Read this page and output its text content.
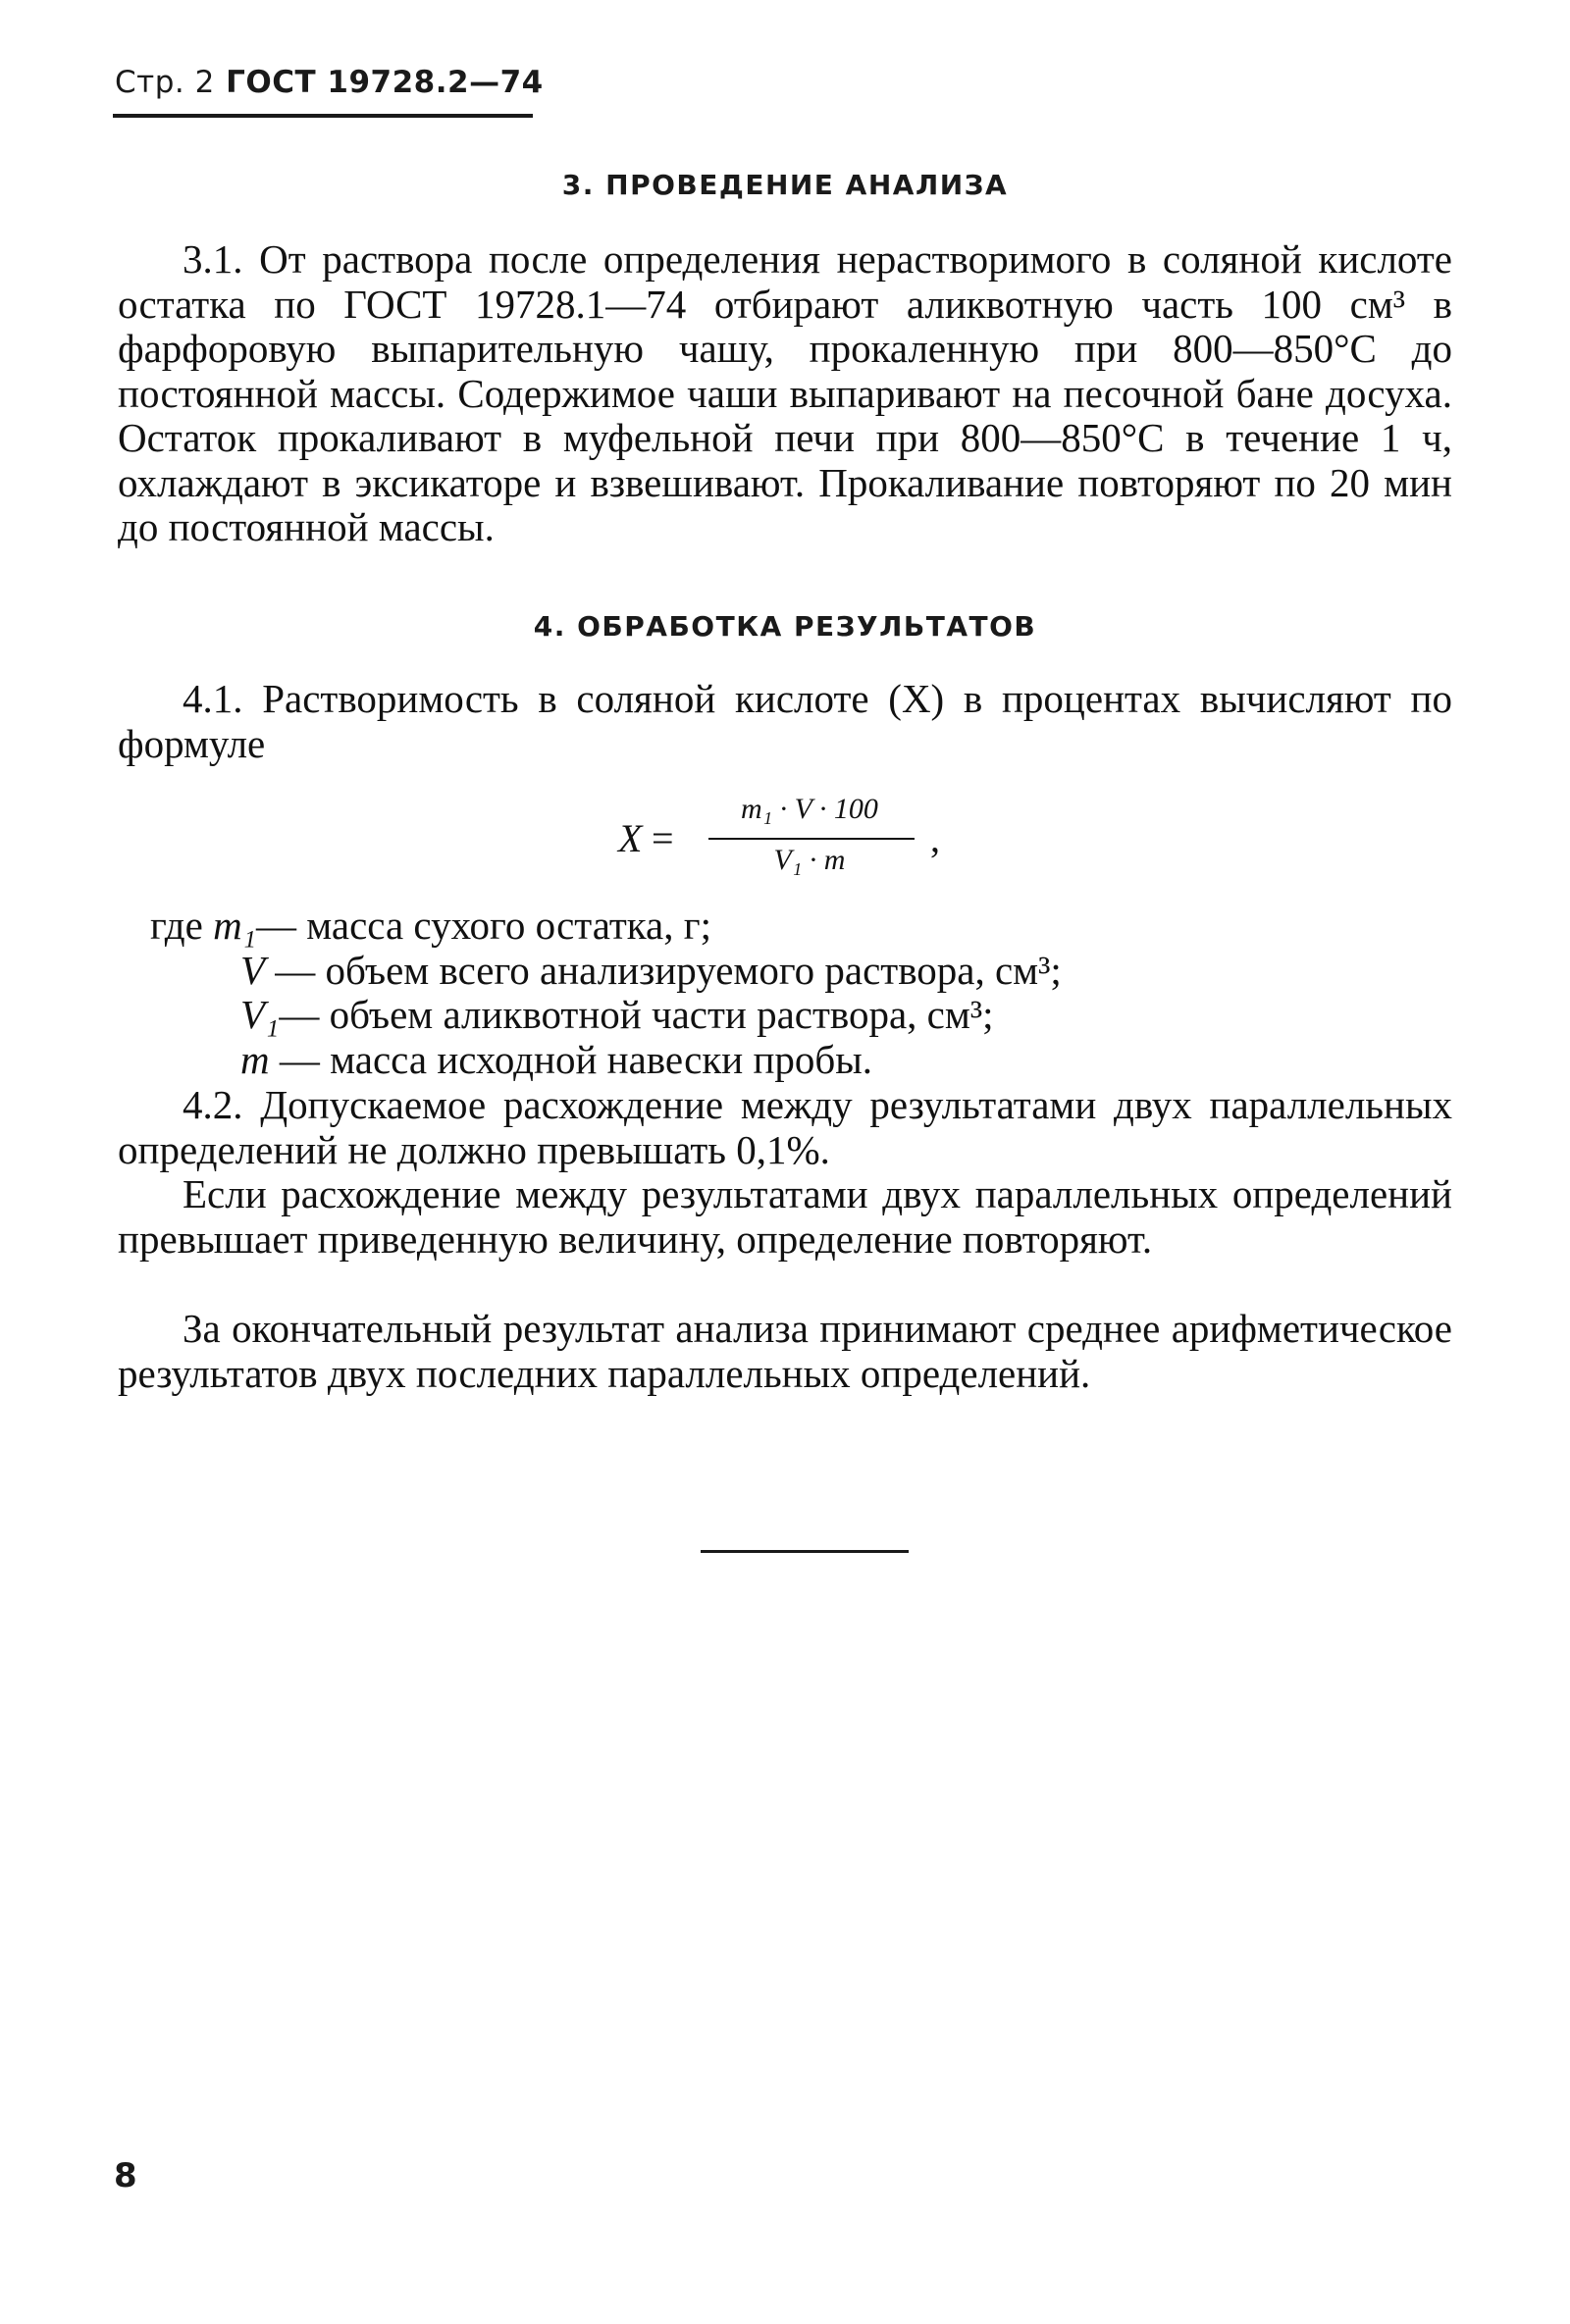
Стр. 2 ГОСТ 19728.2—74
3. ПРОВЕДЕНИЕ АНАЛИЗА
3.1. От раствора после определения нерастворимого в соляной кислоте остатка по ГОСТ 19728.1—74 отбирают аликвотную часть 100 см³ в фарфоровую выпарительную чашу, прокаленную при 800—850°С до постоянной массы. Содержимое чаши выпаривают на песочной бане досуха. Остаток прокаливают в муфельной печи при 800—850°С в течение 1 ч, охлаждают в эксикаторе и взвешивают. Прокаливание повторяют по 20 мин до постоянной массы.
4. ОБРАБОТКА РЕЗУЛЬТАТОВ
4.1. Растворимость в соляной кислоте (X) в процентах вычисляют по формуле
X =
m₁ · V · 100
V₁ · m	,
где m₁— масса сухого остатка, г;
V — объем всего анализируемого раствора, см³;
V₁— объем аликвотной части раствора, см³;
m — масса исходной навески пробы.
4.2. Допускаемое расхождение между результатами двух параллельных определений не должно превышать 0,1%.
Если расхождение между результатами двух параллельных определений превышает приведенную величину, определение повторяют.
За окончательный результат анализа принимают среднее арифметическое результатов двух последних параллельных определений.
8
